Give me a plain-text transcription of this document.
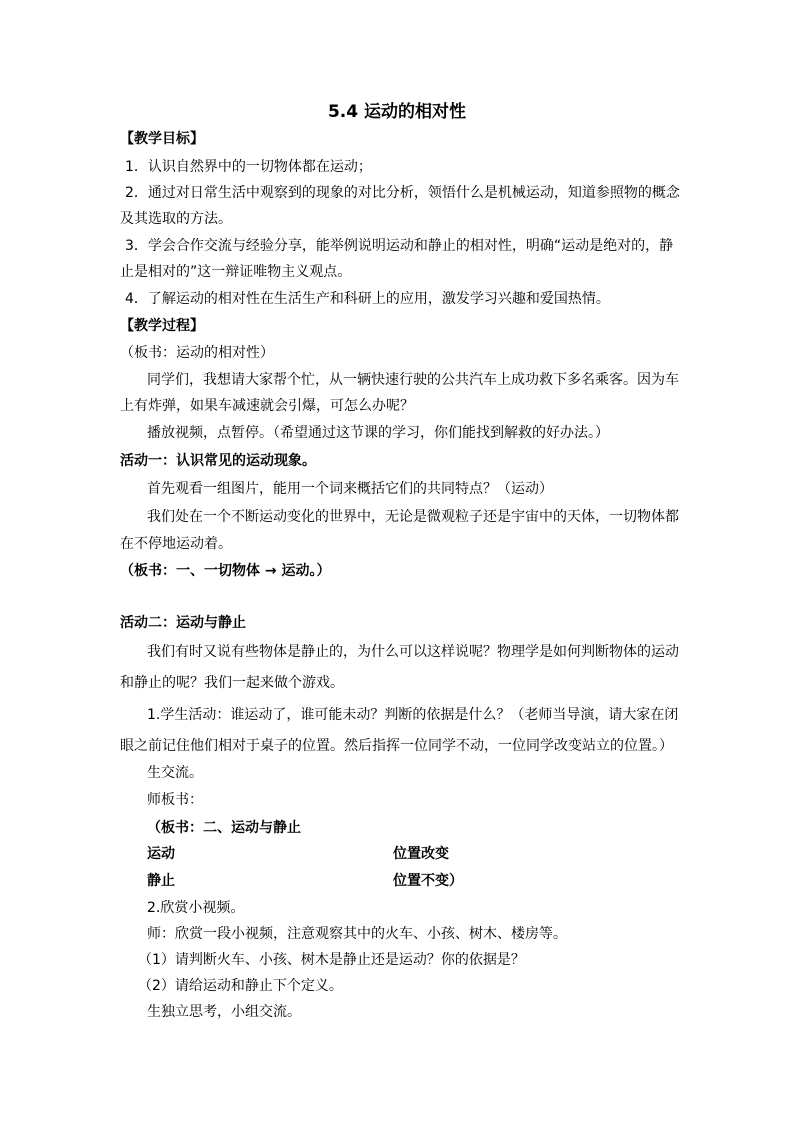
5.4 运动的相对性
【教学目标】
1．认识自然界中的一切物体都在运动；
2．通过对日常生活中观察到的现象的对比分析，领悟什么是机械运动，知道参照物的概念
及其选取的方法。
3．学会合作交流与经验分享，能举例说明运动和静止的相对性，明确“运动是绝对的，静
止是相对的”这一辩证唯物主义观点。
4．了解运动的相对性在生活生产和科研上的应用，激发学习兴趣和爱国热情。
【教学过程】
（板书：运动的相对性）
同学们，我想请大家帮个忙，从一辆快速行驶的公共汽车上成功救下多名乘客。因为车
上有炸弹，如果车减速就会引爆，可怎么办呢？
播放视频，点暂停。（希望通过这节课的学习，你们能找到解救的好办法。）
活动一：认识常见的运动现象。
首先观看一组图片，能用一个词来概括它们的共同特点？（运动）
我们处在一个不断运动变化的世界中，无论是微观粒子还是宇宙中的天体，一切物体都
在不停地运动着。
（板书：一、一切物体 → 运动。）
活动二：运动与静止
我们有时又说有些物体是静止的，为什么可以这样说呢？物理学是如何判断物体的运动
和静止的呢？我们一起来做个游戏。
1.学生活动：谁运动了，谁可能未动？判断的依据是什么？（老师当导演，请大家在闭
眼之前记住他们相对于桌子的位置。然后指挥一位同学不动，一位同学改变站立的位置。）
生交流。
师板书：
（板书：二、运动与静止
运动	位置改变
静止	位置不变）
2.欣赏小视频。
师：欣赏一段小视频，注意观察其中的火车、小孩、树木、楼房等。
（1）请判断火车、小孩、树木是静止还是运动？你的依据是？
（2）请给运动和静止下个定义。
生独立思考，小组交流。
